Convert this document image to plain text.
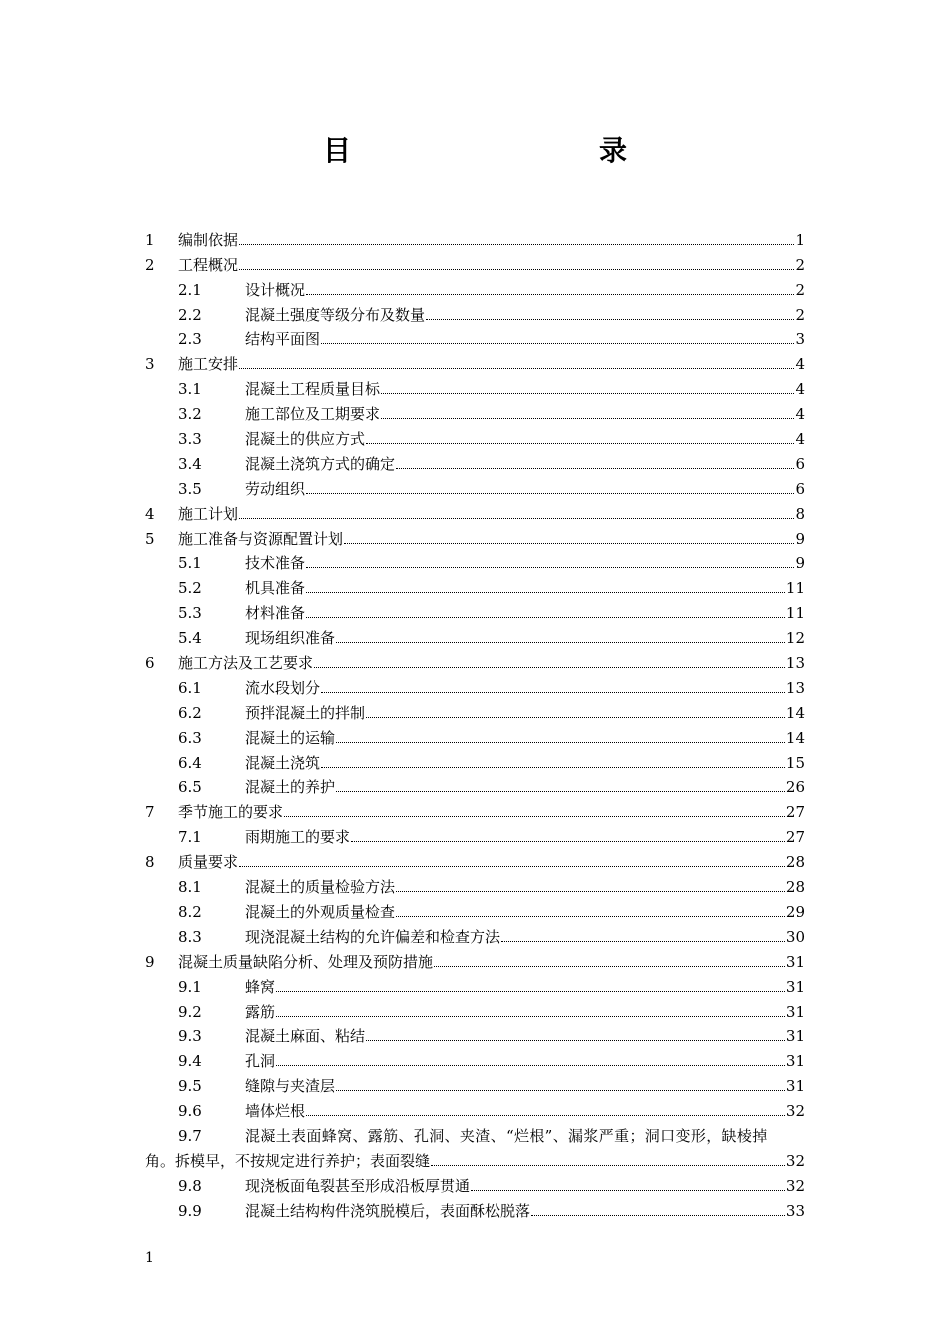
目　　录
1	编制依据	1
2	工程概况	2
2.1	设计概况	2
2.2	混凝土强度等级分布及数量	2
2.3	结构平面图	3
3	施工安排	4
3.1	混凝土工程质量目标	4
3.2	施工部位及工期要求	4
3.3	混凝土的供应方式	4
3.4	混凝土浇筑方式的确定	6
3.5	劳动组织	6
4	施工计划	8
5	施工准备与资源配置计划	9
5.1	技术准备	9
5.2	机具准备	11
5.3	材料准备	11
5.4	现场组织准备	12
6	施工方法及工艺要求	13
6.1	流水段划分	13
6.2	预拌混凝土的拌制	14
6.3	混凝土的运输	14
6.4	混凝土浇筑	15
6.5	混凝土的养护	26
7	季节施工的要求	27
7.1	雨期施工的要求	27
8	质量要求	28
8.1	混凝土的质量检验方法	28
8.2	混凝土的外观质量检查	29
8.3	现浇混凝土结构的允许偏差和检查方法	30
9	混凝土质量缺陷分析、处理及预防措施	31
9.1	蜂窝	31
9.2	露筋	31
9.3	混凝土麻面、粘结	31
9.4	孔洞	31
9.5	缝隙与夹渣层	31
9.6	墙体烂根	32
9.7	混凝土表面蜂窝、露筋、孔洞、夹渣、“烂根”、漏浆严重；洞口变形，缺棱掉
角。拆模早，不按规定进行养护；表面裂缝	32
9.8	现浇板面龟裂甚至形成沿板厚贯通	32
9.9	混凝土结构构件浇筑脱模后，表面酥松脱落	33
1
